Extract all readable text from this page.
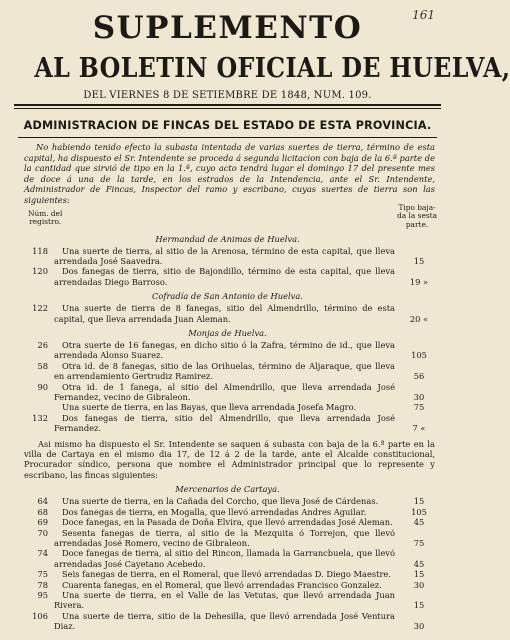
161
SUPLEMENTO
AL BOLETIN OFICIAL DE HUELVA,
DEL VIERNES 8 DE SETIEMBRE DE 1848, NUM. 109.
ADMINISTRACION DE FINCAS DEL ESTADO DE ESTA PROVINCIA.
No habiendo tenido efecto la subasta intentada de varias suertes de tierra, término de esta capital, ha dispuesto el Sr. Intendente se proceda á segunda licitacion con baja de la 6.ª parte de la cantidad que sirvió de tipo en la 1.ª, cuyo acto tendrá lugar el domingo 17 del presente mes de doce á una de la tarde, en los estrados de la Intendencia, ante el Sr. Intendente, Administrador de Fincas, Inspector del ramo y escribano, cuyas suertes de tierra son las siguientes:
Núm. del
registro.
Tipo baja-
da la sesta
parte.
Hermandad de Animas de Huelva.
118	Una suerte de tierra, al sitio de la Arenosa, término de esta capital, que lleva arrendada José Saavedra.	15
120	Dos fanegas de tierra, sitio de Bajondillo, término de esta capital, que lleva arrendadas Diego Barroso.	19 »
Cofradía de San Antonio de Huelva.
122	Una suerte de tierra de 8 fanegas, sitio del Almendrillo, término de esta capital, que lleva arrendada Juan Aleman.	20 «
Monjas de Huelva.
26	Otra suerte de 16 fanegas, en dicho sitio ó la Zafra, término de id., que lleva arrendada Alonso Suarez.	105
58	Otra id. de 8 fanegas, sitio de las Orihuelas, término de Aljaraque, que lleva en arrendamiento Gertrudiz Ramirez.	56
90	Otra id. de 1 fanega, al sitio del Almendrillo, que lleva arrendada José Fernandez, vecino de Gibraleon.	30
Una suerte de tierra, en las Bayas, que lleva arrendada Josefa Magro.	75
132	Dos fanegas de tierra, sitio del Almendrillo, que lleva arrendada José Fernandez.	7 «
Asi mismo ha dispuesto el Sr. Intendente se saquen á subasta con baja de la 6.ª parte en la villa de Cartaya en el mismo dia 17, de 12 á 2 de la tarde, ante el Alcalde constitucional, Procurador síndico, persona que nombre el Administrador principal que lo represente y escribano, las fincas siguientes:
Mercenarios de Cartaya.
64	Una suerte de tierra, en la Cañada del Corcho, que lleva José de Cárdenas.	15
68	Dos fanegas de tierra, en Mogalla, que llevó arrendadas Andres Aguilar.	105
69	Doce fanegas, en la Pasada de Doña Elvira, que llevó arrendadas José Aleman.	45
70	Sesenta fanegas de tierra, al sitio de la Mezquita ó Torrejon, que llevó arrendadas José Romero, vecino de Gibraleon.	75
74	Doce fanegas de tierra, al sitio del Rincon, llamada la Garrancbuela, que llevó arrendadas José Cayetano Acebedo.	45
75	Seis fanegas de tierra, en el Romeral, que llevó arrendadas D. Diego Maestre.	15
78	Cuarenta fanegas, en el Romeral, que llevó arrendadas Francisco Gonzalez.	30
95	Una suerte de tierra, en el Valle de las Vetutas, que llevó arrendada Juan Rivera.	15
106	Una suerte de tierra, sitio de la Dehesilla, que llevó arrendada José Ventura Diaz.	30
